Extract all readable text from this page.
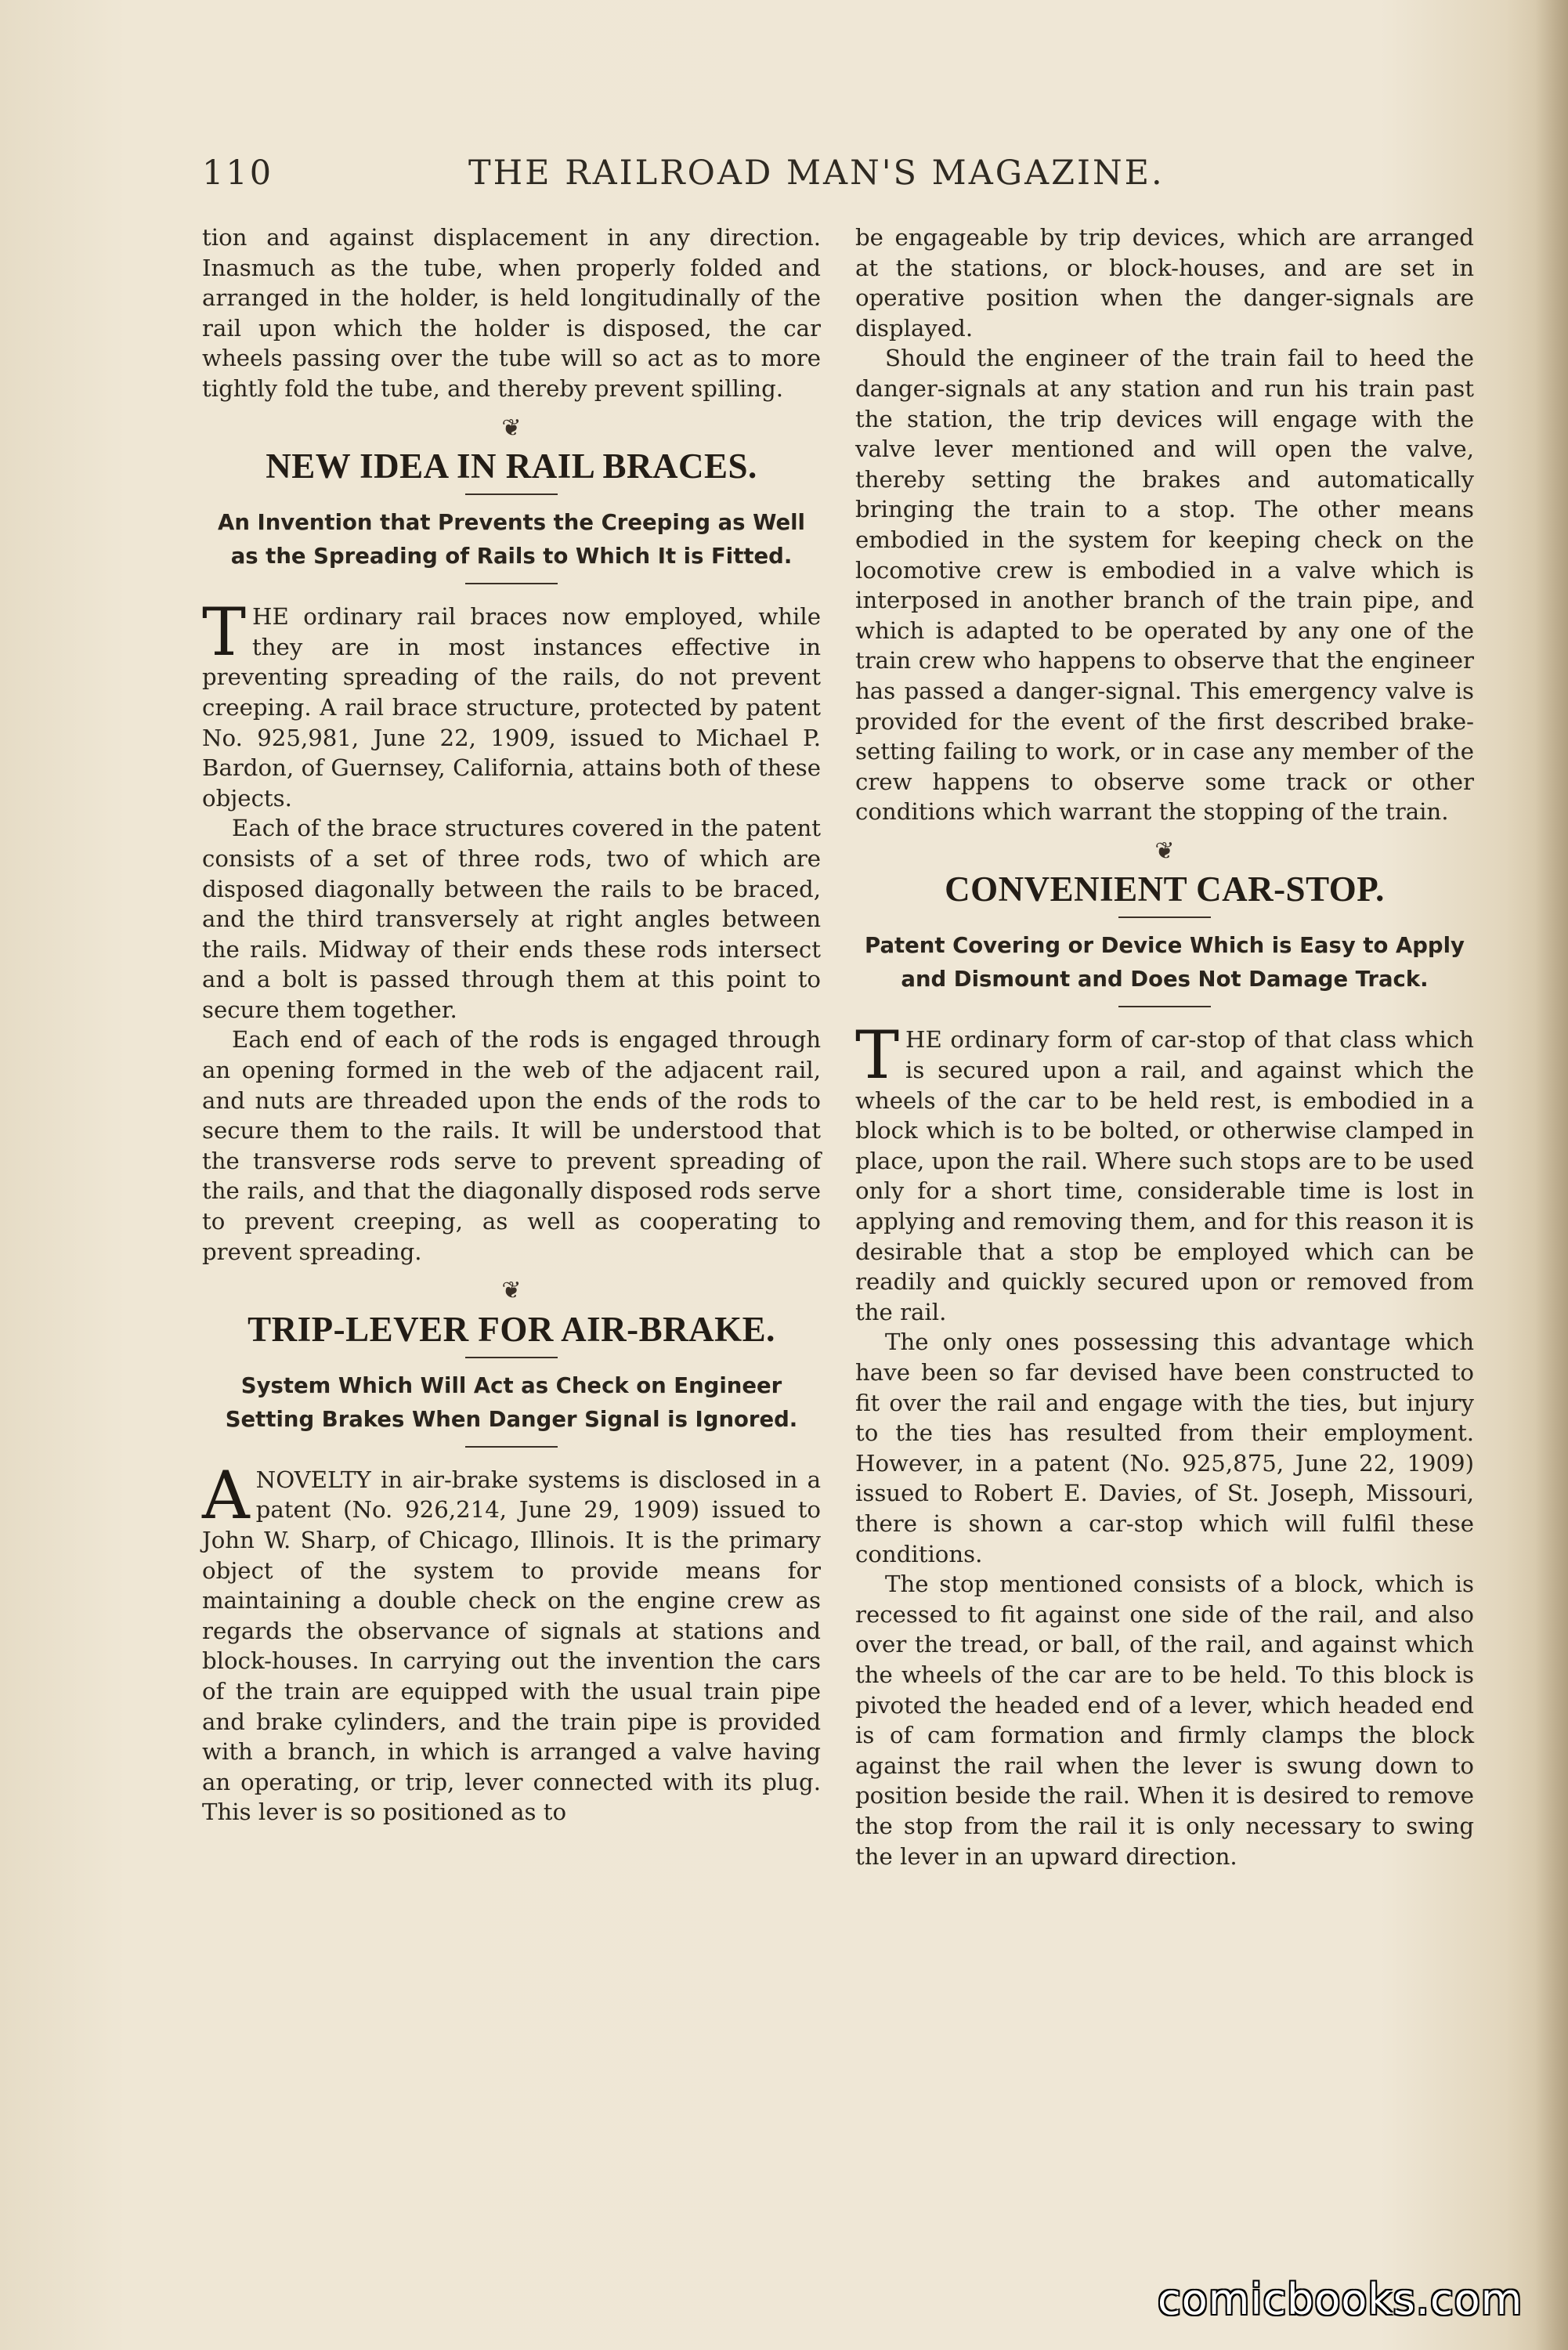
110	THE RAILROAD MAN'S MAGAZINE.

tion and against displacement in any direction. Inasmuch as the tube, when properly folded and arranged in the holder, is held longitudinally of the rail upon which the holder is disposed, the car wheels passing over the tube will so act as to more tightly fold the tube, and thereby prevent spilling.

❦
NEW IDEA IN RAIL BRACES.
An Invention that Prevents the Creeping as Well as the Spreading of Rails to Which It is Fitted.

THE ordinary rail braces now employed, while they are in most instances effective in preventing spreading of the rails, do not prevent creeping. A rail brace structure, protected by patent No. 925,981, June 22, 1909, issued to Michael P. Bardon, of Guernsey, California, attains both of these objects.

Each of the brace structures covered in the patent consists of a set of three rods, two of which are disposed diagonally between the rails to be braced, and the third transversely at right angles between the rails. Midway of their ends these rods intersect and a bolt is passed through them at this point to secure them together.

Each end of each of the rods is engaged through an opening formed in the web of the adjacent rail, and nuts are threaded upon the ends of the rods to secure them to the rails. It will be understood that the transverse rods serve to prevent spreading of the rails, and that the diagonally disposed rods serve to prevent creeping, as well as cooperating to prevent spreading.

❦
TRIP-LEVER FOR AIR-BRAKE.
System Which Will Act as Check on Engineer Setting Brakes When Danger Signal is Ignored.

ANOVELTY in air-brake systems is disclosed in a patent (No. 926,214, June 29, 1909) issued to John W. Sharp, of Chicago, Illinois. It is the primary object of the system to provide means for maintaining a double check on the engine crew as regards the observance of signals at stations and block-houses. In carrying out the invention the cars of the train are equipped with the usual train pipe and brake cylinders, and the train pipe is provided with a branch, in which is arranged a valve having an operating, or trip, lever connected with its plug. This lever is so positioned as to

be engageable by trip devices, which are arranged at the stations, or block-houses, and are set in operative position when the danger-signals are displayed.

Should the engineer of the train fail to heed the danger-signals at any station and run his train past the station, the trip devices will engage with the valve lever mentioned and will open the valve, thereby setting the brakes and automatically bringing the train to a stop. The other means embodied in the system for keeping check on the locomotive crew is embodied in a valve which is interposed in another branch of the train pipe, and which is adapted to be operated by any one of the train crew who happens to observe that the engineer has passed a danger-signal. This emergency valve is provided for the event of the first described brake-setting failing to work, or in case any member of the crew happens to observe some track or other conditions which warrant the stopping of the train.

❦
CONVENIENT CAR-STOP.
Patent Covering or Device Which is Easy to Apply and Dismount and Does Not Damage Track.

THE ordinary form of car-stop of that class which is secured upon a rail, and against which the wheels of the car to be held rest, is embodied in a block which is to be bolted, or otherwise clamped in place, upon the rail. Where such stops are to be used only for a short time, considerable time is lost in applying and removing them, and for this reason it is desirable that a stop be employed which can be readily and quickly secured upon or removed from the rail.

The only ones possessing this advantage which have been so far devised have been constructed to fit over the rail and engage with the ties, but injury to the ties has resulted from their employment. However, in a patent (No. 925,875, June 22, 1909) issued to Robert E. Davies, of St. Joseph, Missouri, there is shown a car-stop which will fulfil these conditions.

The stop mentioned consists of a block, which is recessed to fit against one side of the rail, and also over the tread, or ball, of the rail, and against which the wheels of the car are to be held. To this block is pivoted the headed end of a lever, which headed end is of cam formation and firmly clamps the block against the rail when the lever is swung down to position beside the rail. When it is desired to remove the stop from the rail it is only necessary to swing the lever in an upward direction.

comicbooks.com
